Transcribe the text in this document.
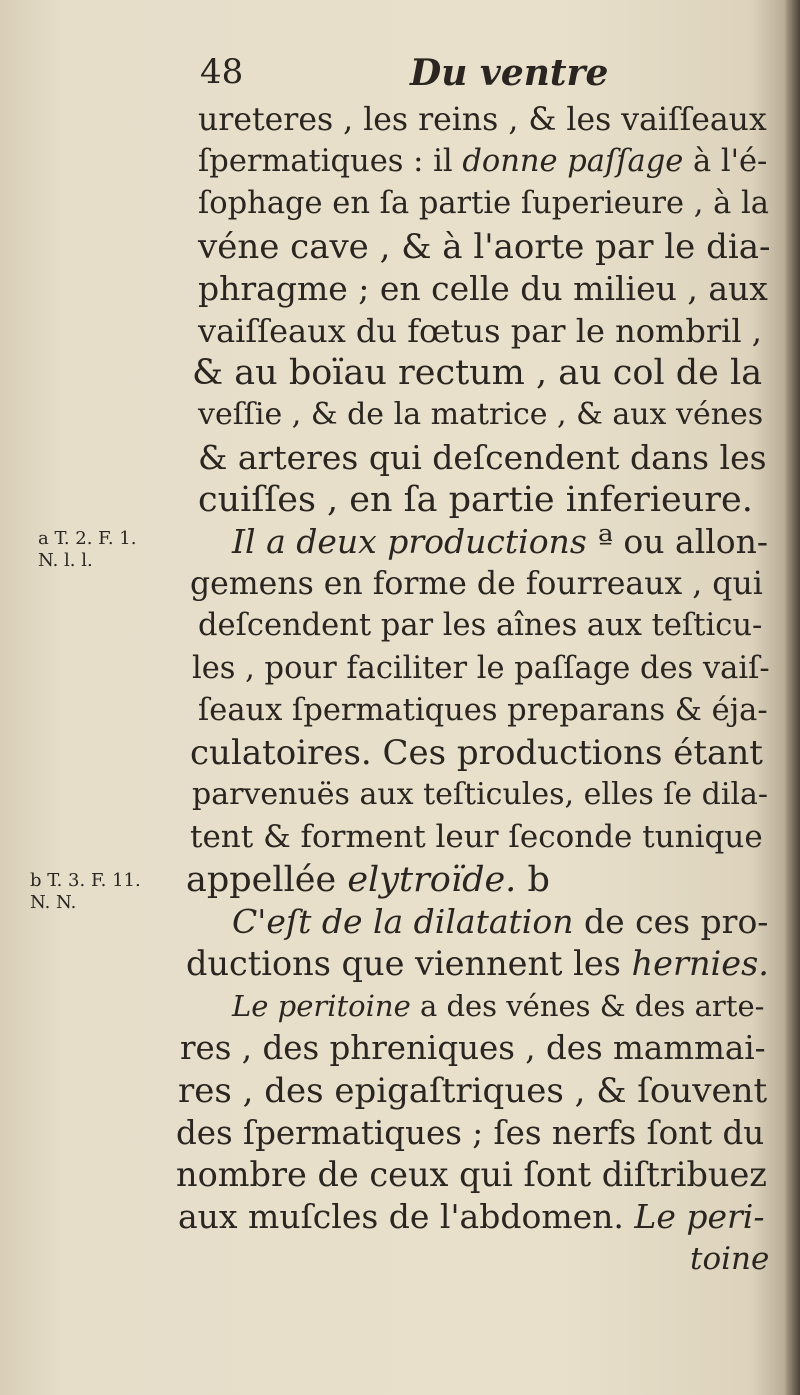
48	Du ventre
a T. 2. F. 1.
N. l. l.
b T. 3. F. 11.
N. N.
ureteres , les reins , & les vaiſſeaux
ſpermatiques : il donne paſſage à l'é-
ſophage en ſa partie ſuperieure , à la
véne cave , & à l'aorte par le dia-
phragme ; en celle du milieu , aux
vaiſſeaux du fœtus par le nombril ,
& au boïau rectum , au col de la
veſſie , & de la matrice , & aux vénes
& arteres qui deſcendent dans les
cuiſſes , en ſa partie inferieure.
Il a deux productions ª ou allon-
gemens en forme de fourreaux , qui
deſcendent par les aînes aux teſticu-
les , pour faciliter le paſſage des vaiſ-
ſeaux ſpermatiques preparans & éja-
culatoires. Ces productions étant
parvenuës aux teſticules, elles ſe dila-
tent & forment leur ſeconde tunique
appellée elytroïde. b
C'eſt de la dilatation de ces pro-
ductions que viennent les hernies.
Le peritoine a des vénes & des arte-
res , des phreniques , des mammai-
res , des epigaſtriques , & ſouvent
des ſpermatiques ; ſes nerfs ſont du
nombre de ceux qui ſont diſtribuez
aux muſcles de l'abdomen. Le peri-
toine
